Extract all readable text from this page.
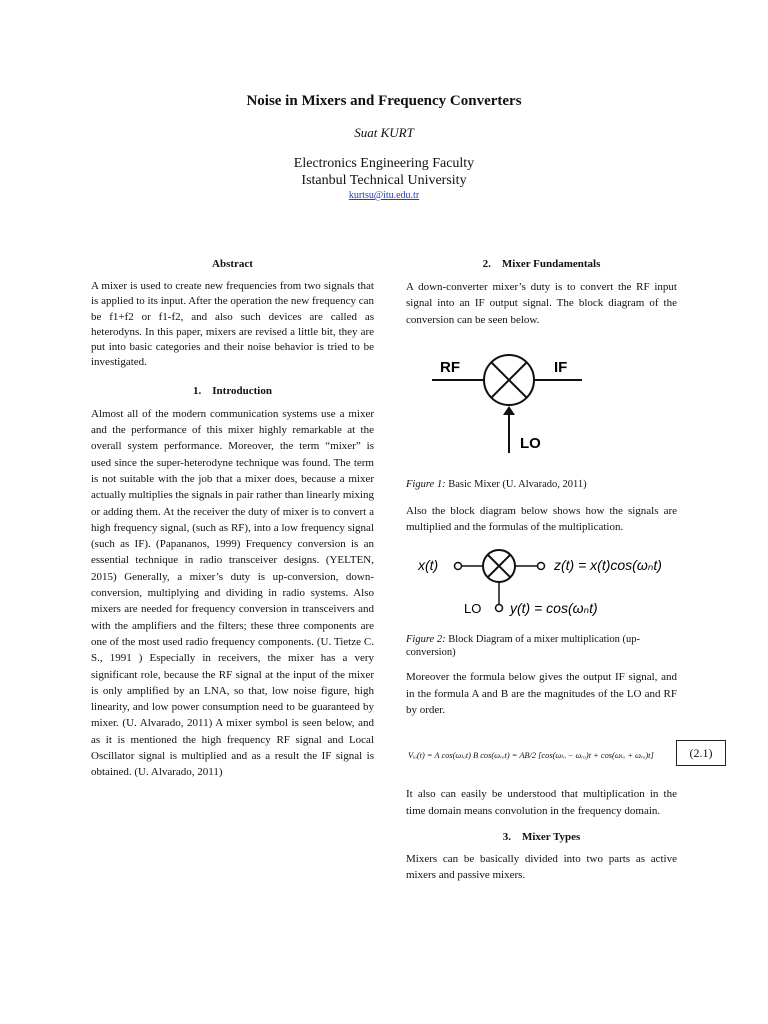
Noise in Mixers and Frequency Converters
Suat KURT
Electronics Engineering Faculty
Istanbul Technical University
kurtsu@itu.edu.tr
Abstract

A mixer is used to create new frequencies from two signals that is applied to its input. After the operation the new frequency can be f1+f2 or f1-f2, and also such devices are called as heterodyns. In this paper, mixers are revised a little bit, they are put into basic categories and their noise behavior is tried to be investigated.

1. Introduction

Almost all of the modern communication systems use a mixer and the performance of this mixer highly remarkable at the overall system performance. Moreover, the term “mixer” is used since the super-heterodyne technique was found. The term is not suitable with the job that a mixer does, because a mixer actually multiplies the signals in pair rather than linearly mixing or adding them. At the receiver the duty of mixer is to convert a high frequency signal, (such as RF), into a low frequency signal (such as IF). (Papananos, 1999) Frequency conversion is an essential technique in radio transceiver designs. (YELTEN, 2015) Generally, a mixer’s duty is up-conversion, down-conversion, multiplying and dividing in radio systems. Also mixers are needed for frequency conversion in transceivers and with the amplifiers and the filters; these three components are one of the most used radio frequency components. (U. Tietze C. S., 1991 ) Especially in receivers, the mixer has a very significant role, because the RF signal at the input of the mixer is only amplified by an LNA, so that, low noise figure, high linearity, and low power consumption need to be guaranteed by mixer. (U. Alvarado, 2011) A mixer symbol is seen below, and as it is mentioned the high frequency RF signal and Local Oscillator signal is multiplied and as a result the IF signal is obtained. (U. Alvarado, 2011)

2. Mixer Fundamentals

A down-converter mixer’s duty is to convert the RF input signal into an IF output signal. The block diagram of the conversion can be seen below.

RF	IF
LO
Figure 1: Basic Mixer (U. Alvarado, 2011)

Also the block diagram below shows how the signals are multiplied and the formulas of the multiplication.

x(t)	z(t) = x(t)cos(ωₙt)
LO y(t) = cos(ωₙt)
Figure 2: Block Diagram of a mixer multiplication (up-conversion)

Moreover the formula below gives the output IF signal, and in the formula A and B are the magnitudes of the LO and RF by order.

Vᵢₒ(t) = A cos(ωₗₒt) B cos(ωᵣₒt) = AB/2 [cos(ωₗₒ − ωᵣₒ)t + cos(ωₗₒ + ωᵣₒ)t]	(2.1)

It also can easily be understood that multiplication in the time domain means convolution in the frequency domain.

3. Mixer Types

Mixers can be basically divided into two parts as active mixers and passive mixers.
